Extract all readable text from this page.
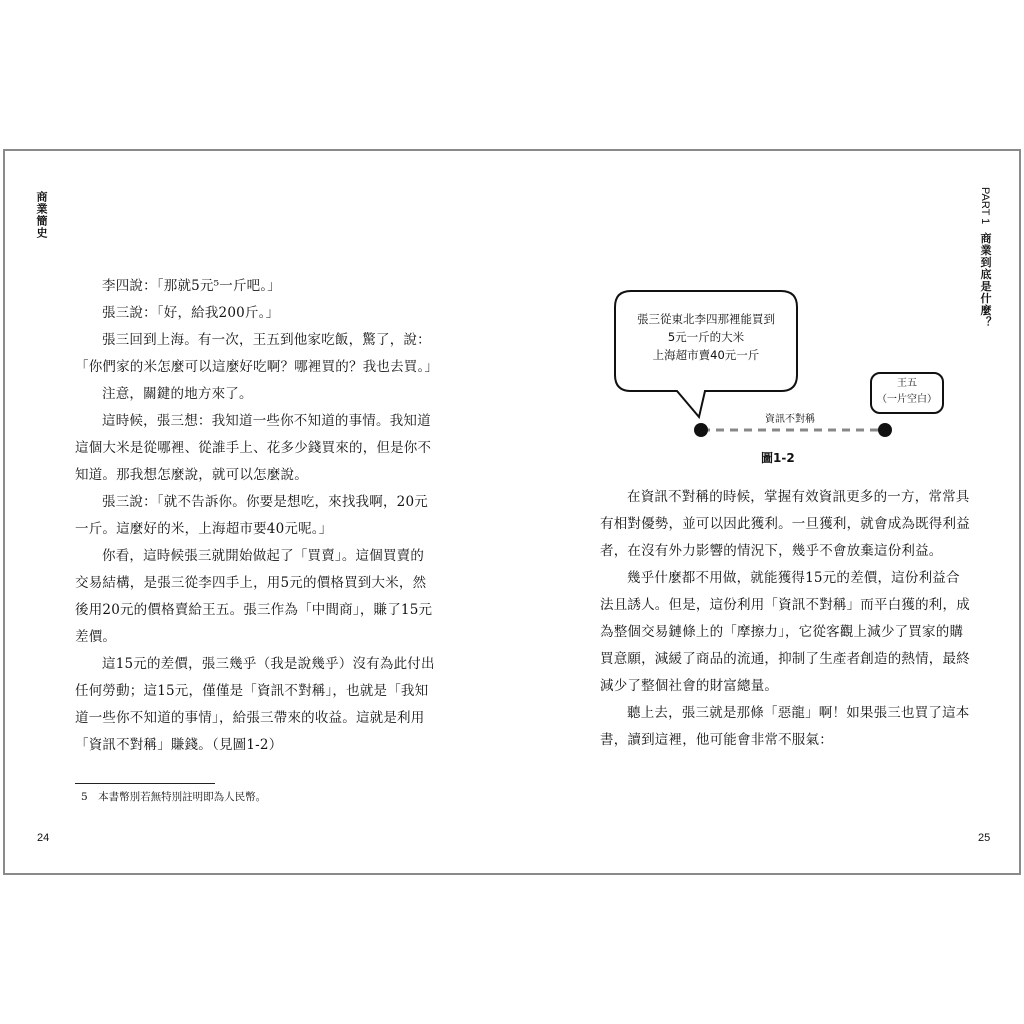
商業簡史

李四說：「那就5元⁵一斤吧。」

張三說：「好，給我200斤。」

張三回到上海。有一次，王五到他家吃飯，驚了，說：「你們家的米怎麼可以這麼好吃啊？哪裡買的？我也去買。」

注意，關鍵的地方來了。

這時候，張三想：我知道一些你不知道的事情。我知道這個大米是從哪裡、從誰手上、花多少錢買來的，但是你不知道。那我想怎麼說，就可以怎麼說。

張三說：「就不告訴你。你要是想吃，來找我啊，20元一斤。這麼好的米，上海超市要40元呢。」

你看，這時候張三就開始做起了「買賣」。這個買賣的交易結構，是張三從李四手上，用5元的價格買到大米，然後用20元的價格賣給王五。張三作為「中間商」，賺了15元差價。

這15元的差價，張三幾乎（我是說幾乎）沒有為此付出任何勞動；這15元，僅僅是「資訊不對稱」，也就是「我知道一些你不知道的事情」，給張三帶來的收益。這就是利用「資訊不對稱」賺錢。（見圖1-2）

5　本書幣別若無特別註明即為人民幣。
24
PART 1商業到底是什麼？
張三從東北李四那裡能買到
5元一斤的大米
上海超市賣40元一斤
王五
（一片空白）
資訊不對稱
圖1-2

在資訊不對稱的時候，掌握有效資訊更多的一方，常常具有相對優勢，並可以因此獲利。一旦獲利，就會成為既得利益者，在沒有外力影響的情況下，幾乎不會放棄這份利益。

幾乎什麼都不用做，就能獲得15元的差價，這份利益合法且誘人。但是，這份利用「資訊不對稱」而平白獲的利，成為整個交易鏈條上的「摩擦力」，它從客觀上減少了買家的購買意願，減緩了商品的流通，抑制了生產者創造的熱情，最終減少了整個社會的財富總量。

聽上去，張三就是那條「惡龍」啊！如果張三也買了這本書，讀到這裡，他可能會非常不服氣：

25
